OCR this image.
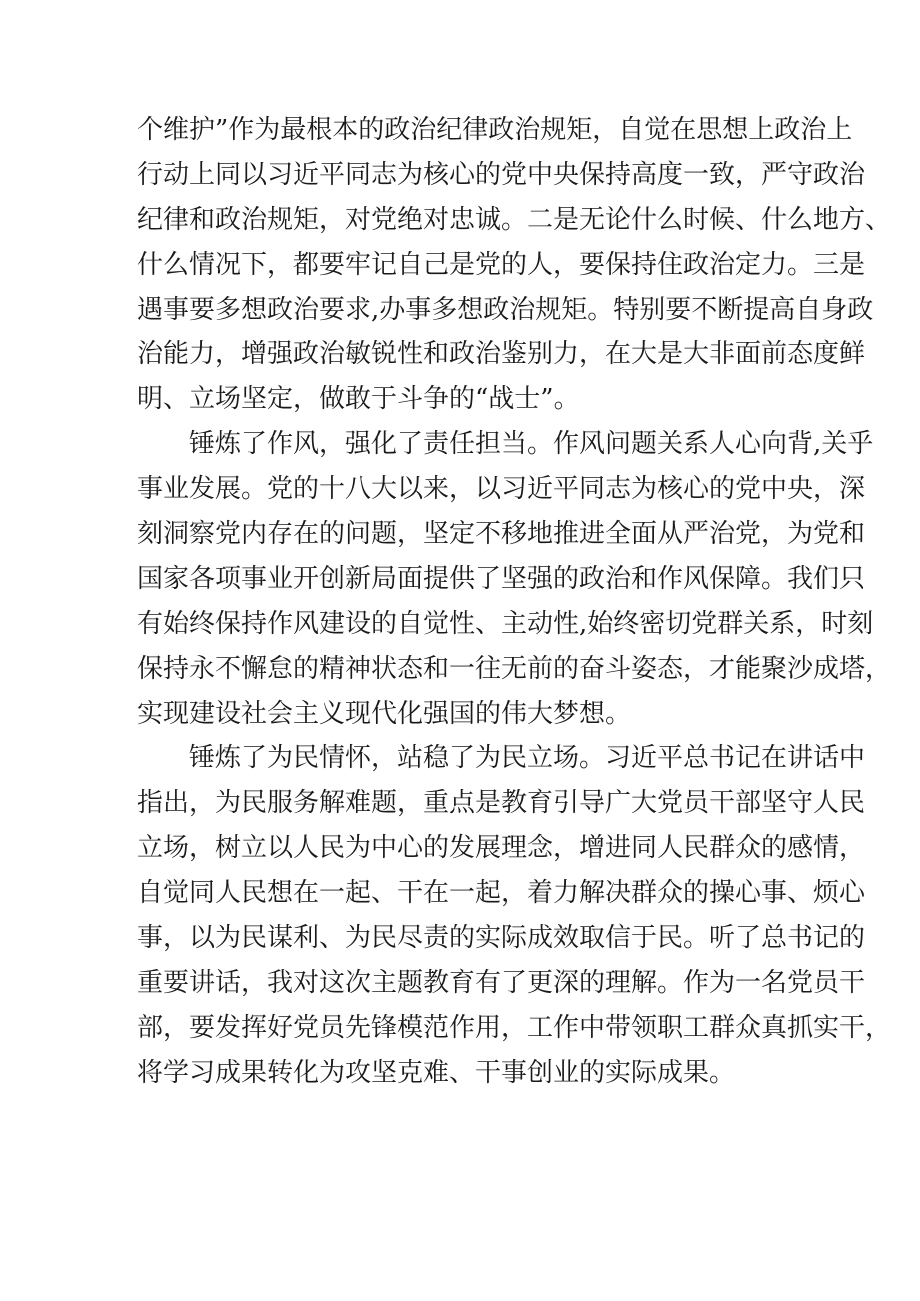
个维护”作为最根本的政治纪律政治规矩，自觉在思想上政治上
行动上同以习近平同志为核心的党中央保持高度一致，严守政治
纪律和政治规矩，对党绝对忠诚。二是无论什么时候、什么地方、
什么情况下，都要牢记自己是党的人，要保持住政治定力。三是
遇事要多想政治要求,办事多想政治规矩。特别要不断提高自身政
治能力，增强政治敏锐性和政治鉴别力，在大是大非面前态度鲜
明、立场坚定，做敢于斗争的“战士”。
锤炼了作风，强化了责任担当。作风问题关系人心向背,关乎
事业发展。党的十八大以来，以习近平同志为核心的党中央，深
刻洞察党内存在的问题，坚定不移地推进全面从严治党，为党和
国家各项事业开创新局面提供了坚强的政治和作风保障。我们只
有始终保持作风建设的自觉性、主动性,始终密切党群关系，时刻
保持永不懈怠的精神状态和一往无前的奋斗姿态，才能聚沙成塔，
实现建设社会主义现代化强国的伟大梦想。
锤炼了为民情怀，站稳了为民立场。习近平总书记在讲话中
指出，为民服务解难题，重点是教育引导广大党员干部坚守人民
立场，树立以人民为中心的发展理念，增进同人民群众的感情，
自觉同人民想在一起、干在一起，着力解决群众的操心事、烦心
事，以为民谋利、为民尽责的实际成效取信于民。听了总书记的
重要讲话，我对这次主题教育有了更深的理解。作为一名党员干
部，要发挥好党员先锋模范作用，工作中带领职工群众真抓实干，
将学习成果转化为攻坚克难、干事创业的实际成果。
